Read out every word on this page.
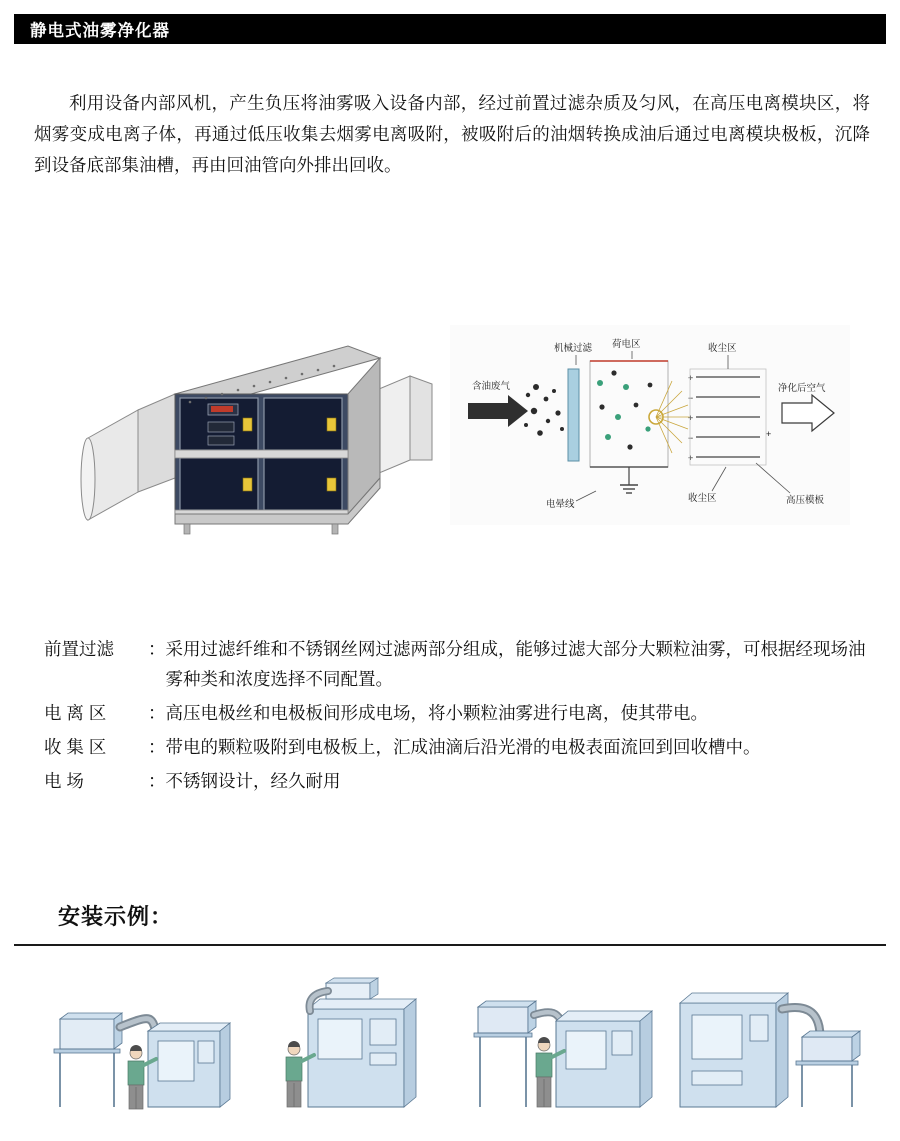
静电式油雾净化器
利用设备内部风机，产生负压将油雾吸入设备内部，经过前置过滤杂质及匀风，在高压电离模块区，将烟雾变成电离子体，再通过低压收集去烟雾电离吸附，被吸附后的油烟转换成油后通过电离模块极板，沉降到设备底部集油槽，再由回油管向外排出回收。
+
−
+
−
+
+
机械过滤 荷电区	收尘区
含油废气	净化后空气
电晕线
收尘区	高压模板
前置过滤	： 采用过滤纤维和不锈钢丝网过滤两部分组成，能够过滤大部分大颗粒油雾，可根据经现场油雾种类和浓度选择不同配置。
电 离 区	： 高压电极丝和电极板间形成电场，将小颗粒油雾进行电离，使其带电。
收 集 区	： 带电的颗粒吸附到电极板上，汇成油滴后沿光滑的电极表面流回到回收槽中。
电 场	： 不锈钢设计，经久耐用
安装示例：
